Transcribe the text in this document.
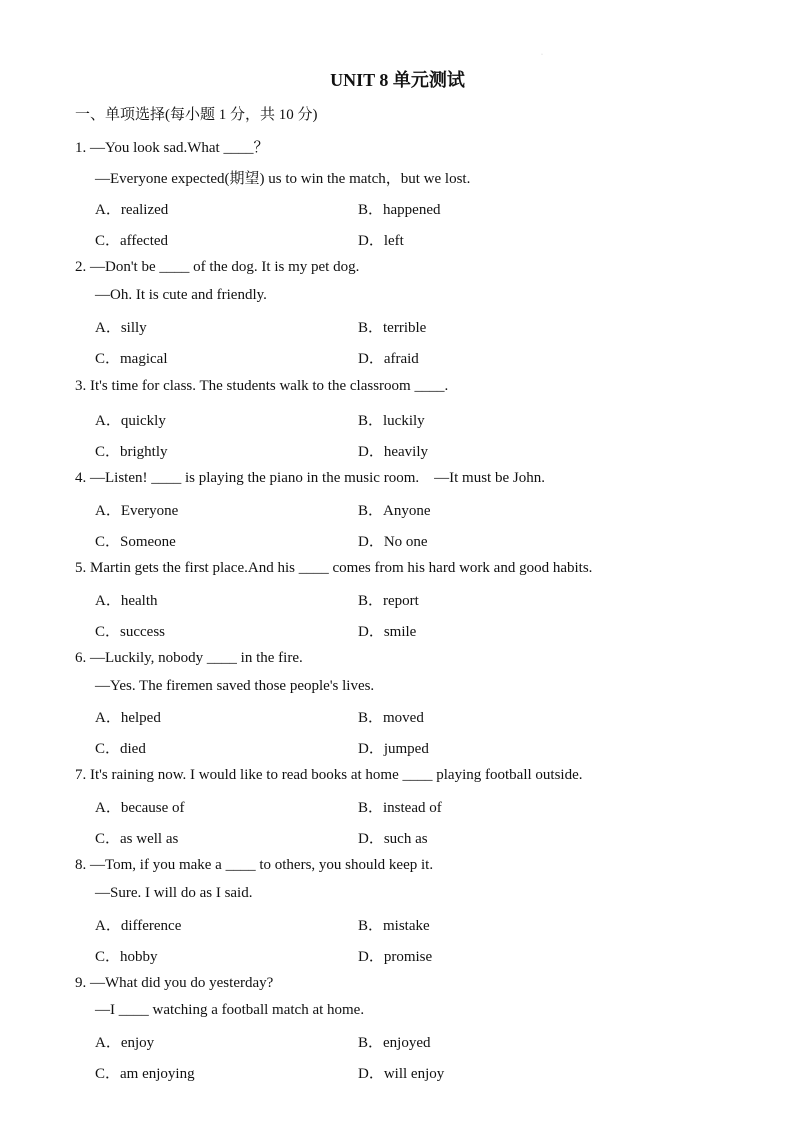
·
UNIT 8 单元测试
一、单项选择(每小题 1 分，共 10 分)
1. —You look sad.What ____？
—Everyone expected(期望) us to win the match，but we lost.
A．realized	B．happened
C．affected	D．left
2. —Don't be ____ of the dog. It is my pet dog.
—Oh. It is cute and friendly.
A．silly	B．terrible
C．magical	D．afraid
3. It's time for class. The students walk to the classroom ____.
A．quickly	B．luckily
C．brightly	D．heavily
4. —Listen! ____ is playing the piano in the music room.    —It must be John.
A．Everyone	B．Anyone
C．Someone	D．No one
5. Martin gets the first place.And his ____ comes from his hard work and good habits.
A．health	B．report
C．success	D．smile
6. —Luckily, nobody ____ in the fire.
—Yes. The firemen saved those people's lives.
A．helped	B．moved
C．died	D．jumped
7. It's raining now. I would like to read books at home ____ playing football outside.
A．because of	B．instead of
C．as well as	D．such as
8. —Tom, if you make a ____ to others, you should keep it.
—Sure. I will do as I said.
A．difference	B．mistake
C．hobby	D．promise
9. —What did you do yesterday?
—I ____ watching a football match at home.
A．enjoy	B．enjoyed
C．am enjoying	D．will enjoy
